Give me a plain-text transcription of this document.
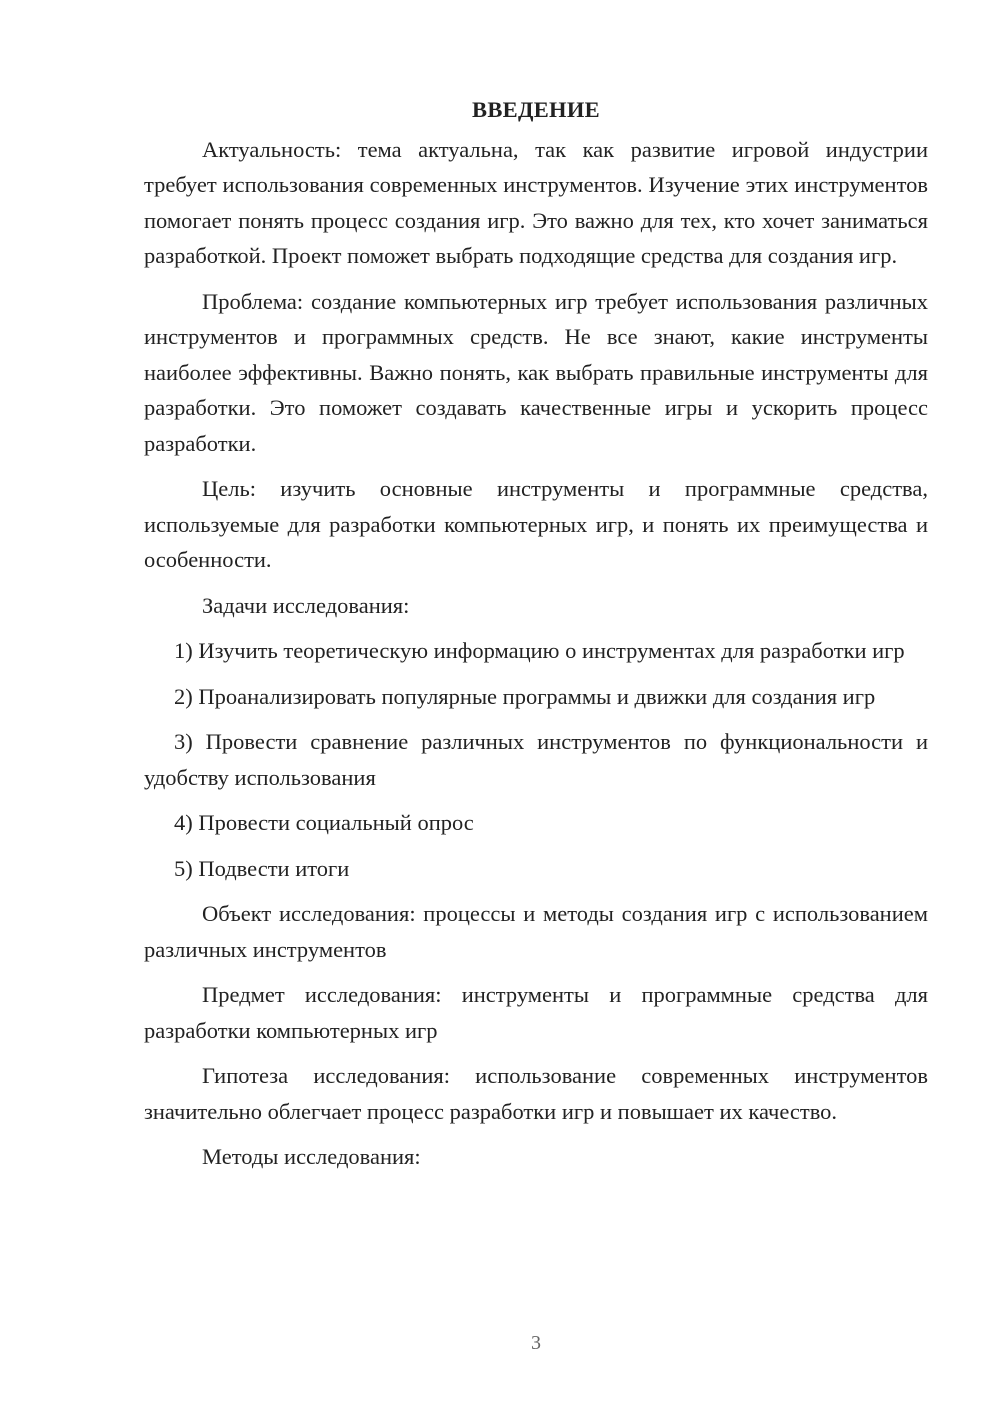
ВВЕДЕНИЕ
Актуальность: тема актуальна, так как развитие игровой индустрии требует использования современных инструментов. Изучение этих инструментов помогает понять процесс создания игр. Это важно для тех, кто хочет заниматься разработкой. Проект поможет выбрать подходящие средства для создания игр.
Проблема: создание компьютерных игр требует использования различных инструментов и программных средств. Не все знают, какие инструменты наиболее эффективны. Важно понять, как выбрать правильные инструменты для разработки. Это поможет создавать качественные игры и ускорить процесс разработки.
Цель: изучить основные инструменты и программные средства, используемые для разработки компьютерных игр, и понять их преимущества и особенности.
Задачи исследования:
1) Изучить теоретическую информацию о инструментах для разработки игр
2) Проанализировать популярные программы и движки для создания игр
3) Провести сравнение различных инструментов по функциональности и удобству использования
4) Провести социальный опрос
5) Подвести итоги
Объект исследования: процессы и методы создания игр с использованием различных инструментов
Предмет исследования: инструменты и программные средства для разработки компьютерных игр
Гипотеза исследования: использование современных инструментов значительно облегчает процесс разработки игр и повышает их качество.
Методы исследования:
3
